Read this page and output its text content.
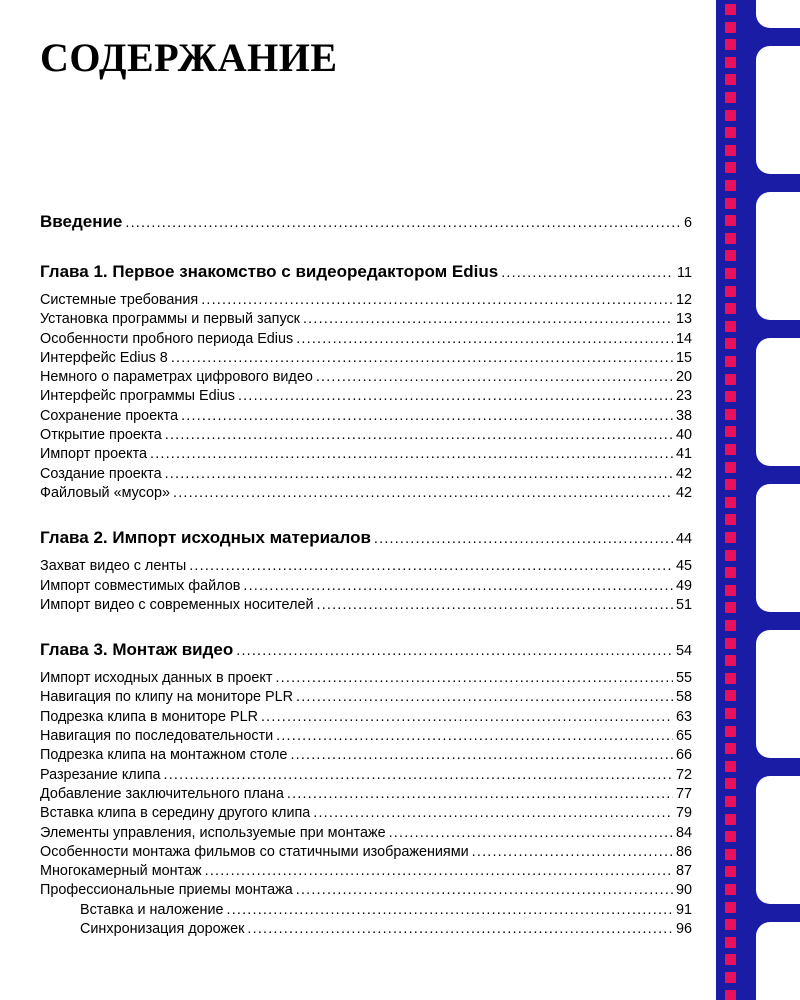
СОДЕРЖАНИЕ
Введение .....	6
Глава 1. Первое знакомство с видеоредактором Edius .....	11
Системные требования .....	12
Установка программы и первый запуск .....	13
Особенности пробного периода Edius .....	14
Интерфейс Edius 8 .....	15
Немного о параметрах цифрового видео .....	20
Интерфейс программы Edius .....	23
Сохранение проекта .....	38
Открытие проекта .....	40
Импорт проекта .....	41
Создание проекта .....	42
Файловый «мусор» .....	42
Глава 2. Импорт исходных материалов .....	44
Захват видео с ленты .....	45
Импорт совместимых файлов .....	49
Импорт видео с современных носителей .....	51
Глава 3. Монтаж видео .....	54
Импорт исходных данных в проект .....	55
Навигация по клипу на мониторе PLR .....	58
Подрезка клипа в мониторе PLR .....	63
Навигация по последовательности .....	65
Подрезка клипа на монтажном столе .....	66
Разрезание клипа .....	72
Добавление заключительного плана .....	77
Вставка клипа в середину другого клипа .....	79
Элементы управления, используемые при монтаже .....	84
Особенности монтажа фильмов со статичными изображениями .....	86
Многокамерный монтаж .....	87
Профессиональные приемы монтажа .....	90
Вставка и наложение .....	91
Синхронизация дорожек .....	96
